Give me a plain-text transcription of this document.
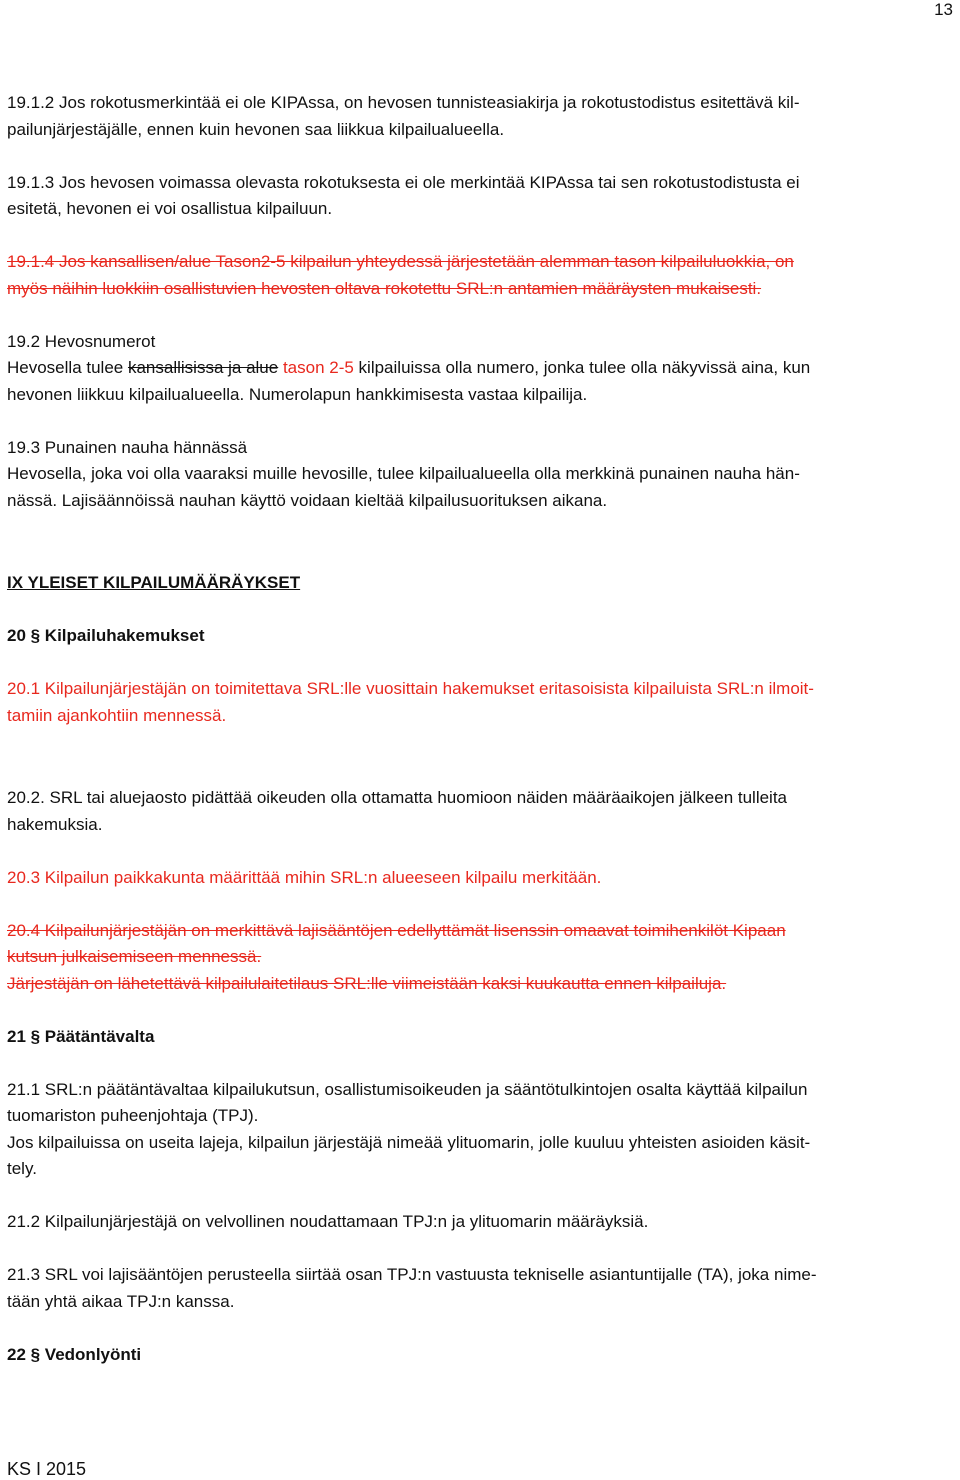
13

19.1.2 Jos rokotusmerkintää ei ole KIPAssa, on hevosen tunnisteasiakirja ja rokotustodistus esitettävä kil-
pailunjärjestäjälle, ennen kuin hevonen saa liikkua kilpailualueella.

19.1.3 Jos hevosen voimassa olevasta rokotuksesta ei ole merkintää KIPAssa tai sen rokotustodistusta ei
esitetä, hevonen ei voi osallistua kilpailuun.

19.1.4 Jos kansallisen/alue Tason2-5 kilpailun yhteydessä järjestetään alemman tason kilpailuluokkia, on
myös näihin luokkiin osallistuvien hevosten oltava rokotettu SRL:n antamien määräysten mukaisesti.

19.2 Hevosnumerot

Hevosella tulee kansallisissa ja alue tason 2-5 kilpailuissa olla numero, jonka tulee olla näkyvissä aina, kun
hevonen liikkuu kilpailualueella. Numerolapun hankkimisesta vastaa kilpailija.

19.3 Punainen nauha hännässä

Hevosella, joka voi olla vaaraksi muille hevosille, tulee kilpailualueella olla merkkinä punainen nauha hän-
nässä. Lajisäännöissä nauhan käyttö voidaan kieltää kilpailusuorituksen aikana.

IX YLEISET KILPAILUMÄÄRÄYKSET

20 § Kilpailuhakemukset

20.1 Kilpailunjärjestäjän on toimitettava SRL:lle vuosittain hakemukset eritasoisista kilpailuista SRL:n ilmoit-
tamiin ajankohtiin mennessä.

20.2. SRL tai aluejaosto pidättää oikeuden olla ottamatta huomioon näiden määräaikojen jälkeen tulleita
hakemuksia.

20.3 Kilpailun paikkakunta määrittää mihin SRL:n alueeseen kilpailu merkitään.

20.4 Kilpailunjärjestäjän on merkittävä lajisääntöjen edellyttämät lisenssin omaavat toimihenkilöt Kipaan
kutsun julkaisemiseen mennessä.
Järjestäjän on lähetettävä kilpailulaitetilaus SRL:lle viimeistään kaksi kuukautta ennen kilpailuja.

21 § Päätäntävalta

21.1 SRL:n päätäntävaltaa kilpailukutsun, osallistumisoikeuden ja sääntötulkintojen osalta käyttää kilpailun
tuomariston puheenjohtaja (TPJ).
Jos kilpailuissa on useita lajeja, kilpailun järjestäjä nimeää ylituomarin, jolle kuuluu yhteisten asioiden käsit-
tely.

21.2 Kilpailunjärjestäjä on velvollinen noudattamaan TPJ:n ja ylituomarin määräyksiä.

21.3 SRL voi lajisääntöjen perusteella siirtää osan TPJ:n vastuusta tekniselle asiantuntijalle (TA), joka nime-
tään yhtä aikaa TPJ:n kanssa.

22 § Vedonlyönti

KS I 2015
